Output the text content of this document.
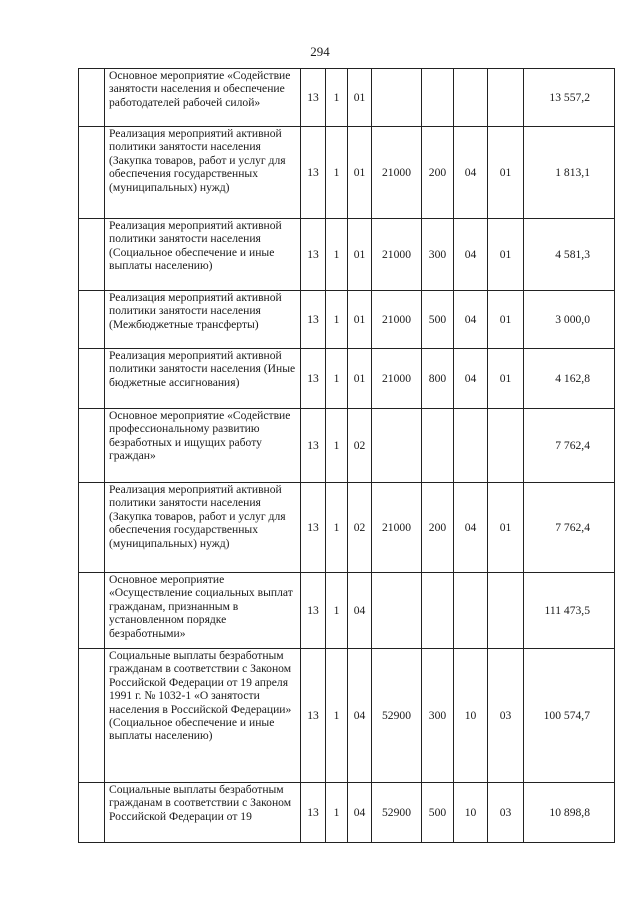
294
	Основное мероприятие «Содействие занятости населения и обеспечение работодателей рабочей силой»	13	1	01					13 557,2
	Реализация мероприятий активной политики занятости населения (Закупка товаров, работ и услуг для обеспечения государственных (муниципальных) нужд)	13	1	01	21000	200	04	01	1 813,1
	Реализация мероприятий активной политики занятости населения (Социальное обеспечение и иные выплаты населению)	13	1	01	21000	300	04	01	4 581,3
	Реализация мероприятий активной политики занятости населения (Межбюджетные трансферты)	13	1	01	21000	500	04	01	3 000,0
	Реализация мероприятий активной политики занятости населения (Иные бюджетные ассигнования)	13	1	01	21000	800	04	01	4 162,8
	Основное мероприятие «Содействие профессиональному развитию безработных и ищущих работу граждан»	13	1	02					7 762,4
	Реализация мероприятий активной политики занятости населения (Закупка товаров, работ и услуг для обеспечения государственных (муниципальных) нужд)	13	1	02	21000	200	04	01	7 762,4
	Основное мероприятие «Осуществление социальных выплат гражданам, признанным в установленном порядке безработными»	13	1	04					111 473,5
	Социальные выплаты безработным гражданам в соответствии с Законом Российской Федерации от 19 апреля 1991 г. № 1032-1 «О занятости населения в Российской Федерации» (Социальное обеспечение и иные выплаты населению)	13	1	04	52900	300	10	03	100 574,7
	Социальные выплаты безработным гражданам в соответствии с Законом Российской Федерации от 19	13	1	04	52900	500	10	03	10 898,8
